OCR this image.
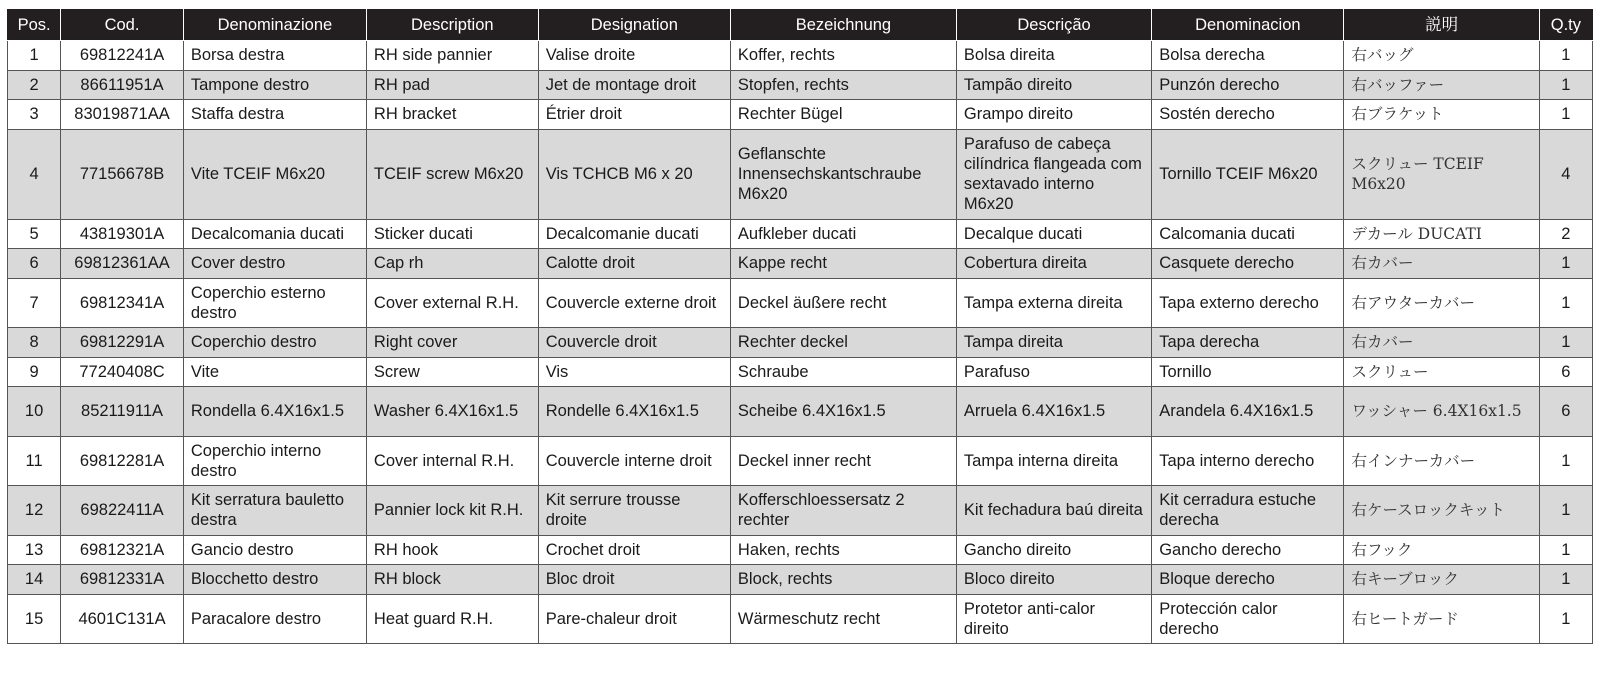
Pos.	Cod.	Denominazione	Description	Designation	Bezeichnung	Descrição	Denominacion	説明	Q.ty
1	69812241A	Borsa destra	RH side pannier	Valise droite	Koffer, rechts	Bolsa direita	Bolsa derecha	右バッグ	1
2	86611951A	Tampone destro	RH pad	Jet de montage droit	Stopfen, rechts	Tampão direito	Punzón derecho	右バッファー	1
3	83019871AA	Staffa destra	RH bracket	Étrier droit	Rechter Bügel	Grampo direito	Sostén derecho	右ブラケット	1
4	77156678B	Vite TCEIF M6x20	TCEIF screw M6x20	Vis TCHCB M6 x 20	Geflanschte Innensechskantschraube M6x20	Parafuso de cabeça cilíndrica flangeada com sextavado interno M6x20	Tornillo TCEIF M6x20	スクリュー TCEIF M6x20	4
5	43819301A	Decalcomania ducati	Sticker ducati	Decalcomanie ducati	Aufkleber ducati	Decalque ducati	Calcomania ducati	デカール DUCATI	2
6	69812361AA	Cover destro	Cap rh	Calotte droit	Kappe recht	Cobertura direita	Casquete derecho	右カバー	1
7	69812341A	Coperchio esterno destro	Cover external R.H.	Couvercle externe droit	Deckel äußere recht	Tampa externa direita	Tapa externo derecho	右アウターカバー	1
8	69812291A	Coperchio destro	Right cover	Couvercle droit	Rechter deckel	Tampa direita	Tapa derecha	右カバー	1
9	77240408C	Vite	Screw	Vis	Schraube	Parafuso	Tornillo	スクリュー	6
10	85211911A	Rondella 6.4X16x1.5	Washer 6.4X16x1.5	Rondelle 6.4X16x1.5	Scheibe 6.4X16x1.5	Arruela 6.4X16x1.5	Arandela 6.4X16x1.5	ワッシャー 6.4X16x1.5	6
11	69812281A	Coperchio interno destro	Cover internal R.H.	Couvercle interne droit	Deckel inner recht	Tampa interna direita	Tapa interno derecho	右インナーカバー	1
12	69822411A	Kit serratura bauletto destra	Pannier lock kit R.H.	Kit serrure trousse droite	Kofferschloessersatz 2 rechter	Kit fechadura baú direita	Kit cerradura estuche derecha	右ケースロックキット	1
13	69812321A	Gancio destro	RH hook	Crochet droit	Haken, rechts	Gancho direito	Gancho derecho	右フック	1
14	69812331A	Blocchetto destro	RH block	Bloc droit	Block, rechts	Bloco direito	Bloque derecho	右キーブロック	1
15	4601C131A	Paracalore destro	Heat guard R.H.	Pare-chaleur droit	Wärmeschutz recht	Protetor anti-calor direito	Protección calor derecho	右ヒートガード	1
